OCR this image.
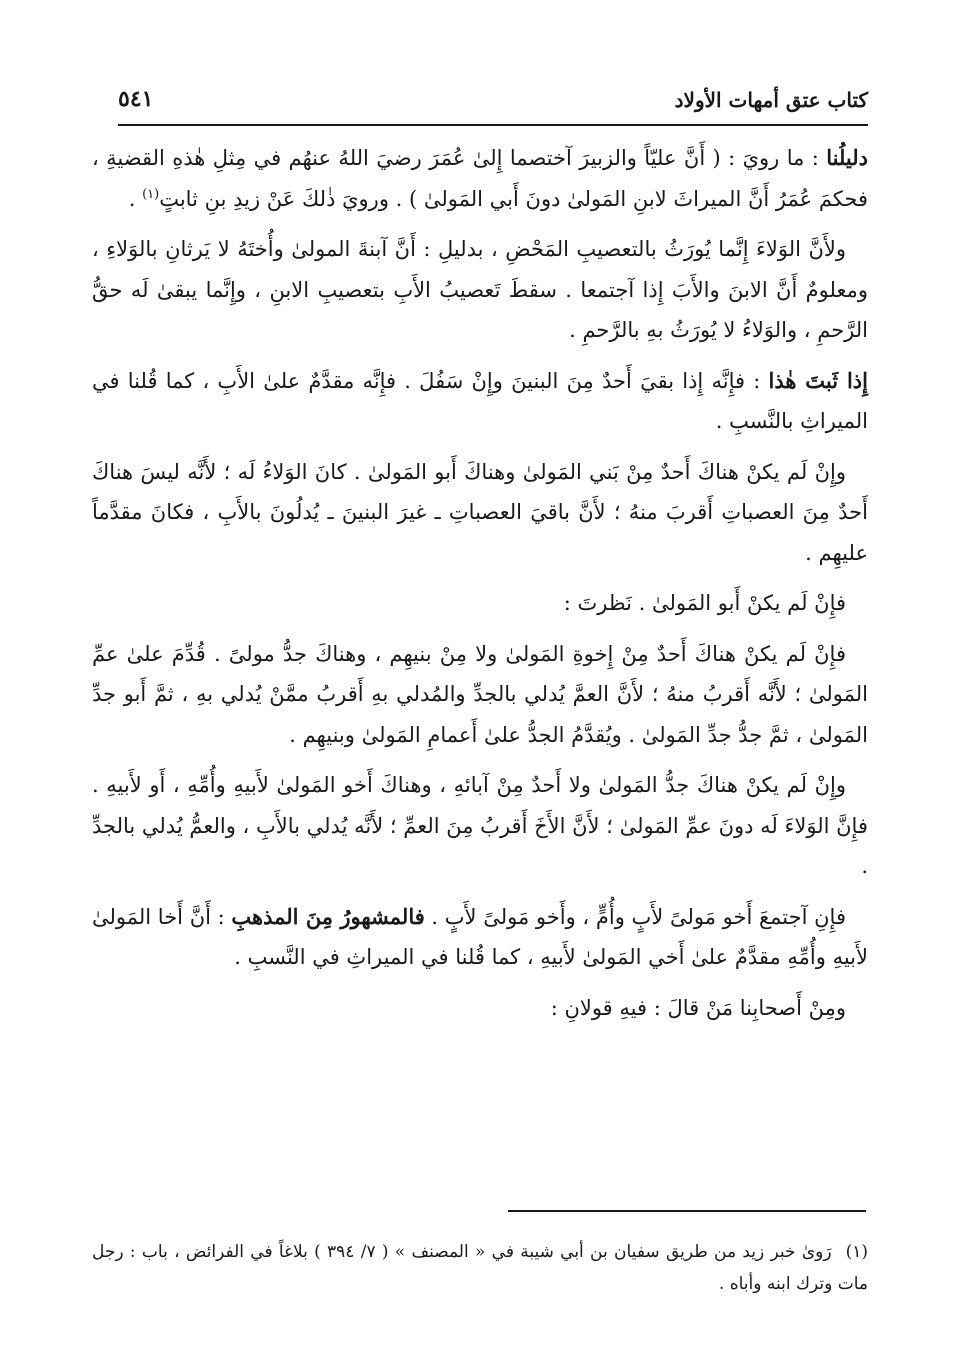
كتاب عتق أمهات الأولاد
٥٤١

دليلُنا : ما رويَ : ( أَنَّ عليّاً والزبيرَ آختصما إِلىٰ عُمَرَ رضيَ اللهُ عنهُم في مِثلِ هٰذهِ القضيةِ ، فحكمَ عُمَرُ أَنَّ الميراثَ لابنِ المَولىٰ دونَ أَبي المَولىٰ ) . ورويَ ذٰلكَ عَنْ زيدِ بنِ ثابتٍ$^{(١)}$ .

ولأَنَّ الوَلاءَ إِنَّما يُورَثُ بالتعصيبِ المَحْضِ ، بدليلِ : أَنَّ آبنةَ المولىٰ وأُختَهُ لا يَرثانِ بالوَلاءِ ، ومعلومٌ أَنَّ الابنَ والأَبَ إِذا آجتمعا . سقطَ تَعصيبُ الأَبِ بتعصيبِ الابنِ ، وإِنَّما يبقىٰ لَه حقُّ الرَّحمِ ، والوَلاءُ لا يُورَثُ بهِ بالرَّحمِ .

إِذا ثَبتَ هٰذا : فإِنَّه إِذا بقيَ أَحدٌ مِنَ البنينَ وإِنْ سَفُلَ . فإِنَّه مقدَّمٌ علىٰ الأَبِ ، كما قُلنا في الميراثِ بالنَّسبِ .

وإِنْ لَم يكنْ هناكَ أَحدٌ مِنْ بَني المَولىٰ وهناكَ أَبو المَولىٰ . كانَ الوَلاءُ لَه ؛ لأَنَّه ليسَ هناكَ أَحدٌ مِنَ العصباتِ أَقربَ منهُ ؛ لأَنَّ باقيَ العصباتِ ـ غيرَ البنينَ ـ يُدلُونَ بالأَبِ ، فكانَ مقدَّماً عليهِم .

فإِنْ لَم يكنْ أَبو المَولىٰ . نَظرتَ :

فإِنْ لَم يكنْ هناكَ أَحدٌ مِنْ إِخوةِ المَولىٰ ولا مِنْ بنيهِم ، وهناكَ جدُّ مولىً . قُدِّمَ علىٰ عمِّ المَولىٰ ؛ لأَنَّه أَقربُ منهُ ؛ لأَنَّ العمَّ يُدلي بالجدِّ والمُدلي بهِ أَقربُ ممَّنْ يُدلي بهِ ، ثمَّ أَبو جدِّ المَولىٰ ، ثمَّ جدُّ جدِّ المَولىٰ . ويُقدَّمُ الجدُّ علىٰ أَعمامِ المَولىٰ وبنيهِم .

وإِنْ لَم يكنْ هناكَ جدُّ المَولىٰ ولا أَحدٌ مِنْ آبائهِ ، وهناكَ أَخو المَولىٰ لأَبيهِ وأُمِّهِ ، أَو لأَبيهِ . فإِنَّ الوَلاءَ لَه دونَ عمِّ المَولىٰ ؛ لأَنَّ الأَخَ أَقربُ مِنَ العمِّ ؛ لأَنَّه يُدلي بالأَبِ ، والعمُّ يُدلي بالجدِّ .

فإِنِ آجتمعَ أَخو مَولىً لأَبٍ وأُمٍّ ، وأَخو مَولىً لأَبٍ . فالمشهورُ مِنَ المذهبِ : أَنَّ أَخا المَولىٰ لأَبيهِ وأُمِّهِ مقدَّمٌ علىٰ أَخي المَولىٰ لأَبيهِ ، كما قُلنا في الميراثِ في النَّسبِ .

ومِنْ أَصحابِنا مَنْ قالَ : فيهِ قولانِ :

(١)رَوىٰ خبر زيد من طريق سفيان بن أبي شيبة في « المصنف » ( ٧/ ٣٩٤ ) بلاغاً في الفرائض ، باب : رجل مات وترك ابنه وأباه .
